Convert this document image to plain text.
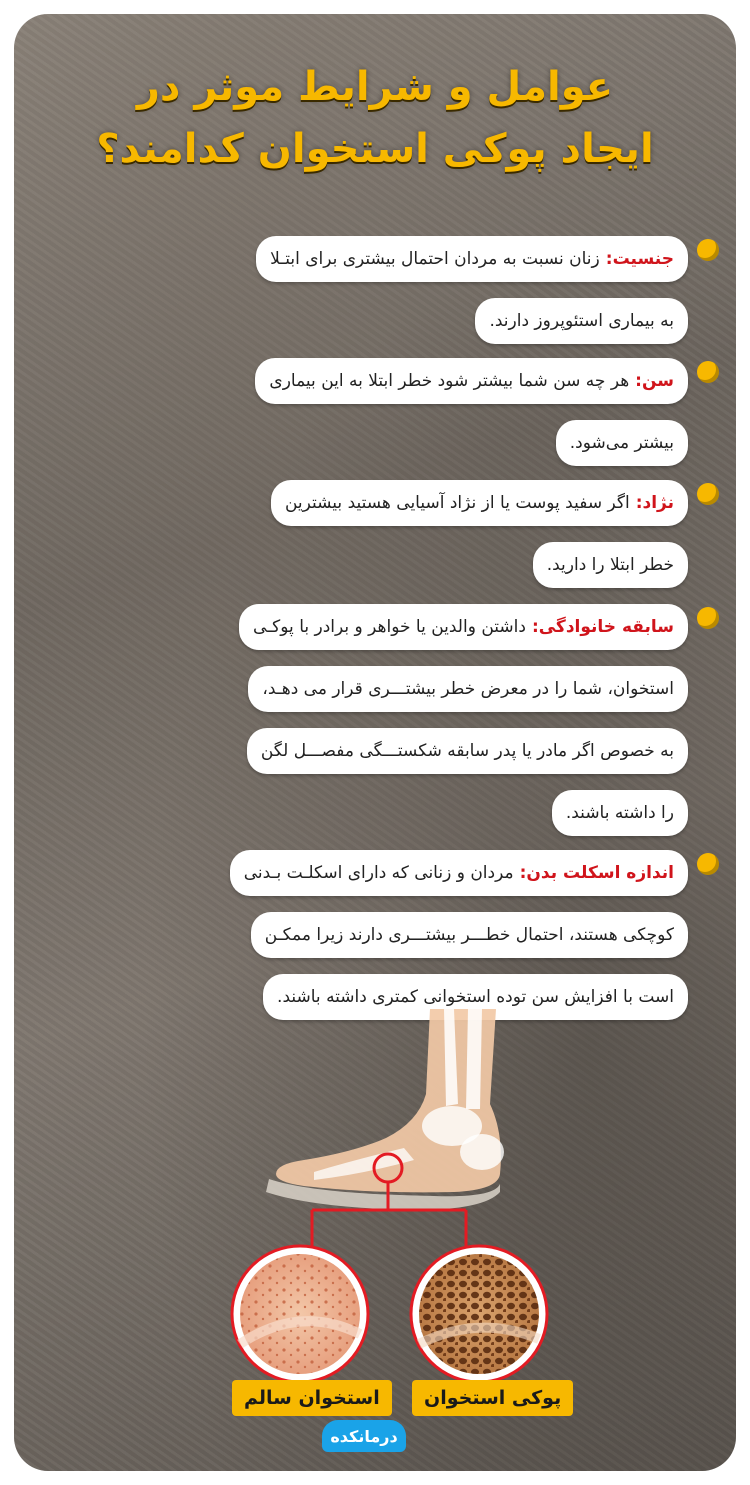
عوامل و شرایط موثر در
ایجاد پوکی استخوان کدامند؟
جنسیت:
زنان نسبت به مردان احتمال بیشتری برای ابتـلا
به بیماری استئوپروز دارند.
سن:
هر چه سن شما بیشتر شود خطر ابتلا به این بیماری
بیشتر می‌شود.
نژاد:
اگر سفید پوست یا از نژاد آسیایی هستید بیشترین
خطر ابتلا را دارید.
سابقه خانوادگی:
داشتن والدین یا خواهر و برادر با پوکـی
استخوان، شما را در معرض خطر بیشتـــری قرار می دهـد،
به خصوص اگر مادر یا پدر سابقه شکستـــگی مفصـــل لگن
را داشته باشند.
اندازه اسکلت بدن:
مردان و زنانی که دارای اسکلـت بـدنی
کوچکی هستند، احتمال خطـــر بیشتـــری دارند زیرا ممکـن
است با افزایش سن توده استخوانی کمتری داشته باشند.
پوکی استخوان
استخوان سالم
درمانکده
